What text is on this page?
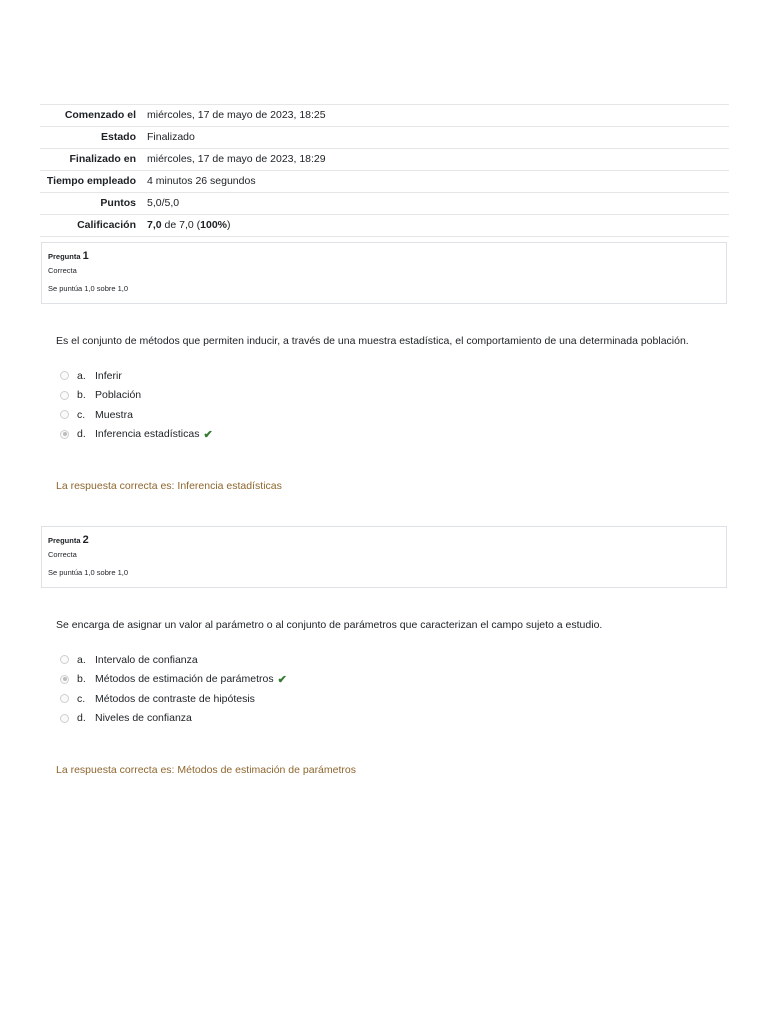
Comenzado el	miércoles, 17 de mayo de 2023, 18:25
Estado	Finalizado
Finalizado en	miércoles, 17 de mayo de 2023, 18:29
Tiempo empleado	4 minutos 26 segundos
Puntos	5,0/5,0
Calificación	7,0 de 7,0 (100%)
Pregunta 1
Correcta
Se puntúa 1,0 sobre 1,0
Es el conjunto de métodos que permiten inducir, a través de una muestra estadística, el comportamiento de una determinada población.
a. Inferir
b. Población
c. Muestra
d. Inferencia estadísticas ✔
La respuesta correcta es: Inferencia estadísticas
Pregunta 2
Correcta
Se puntúa 1,0 sobre 1,0
Se encarga de asignar un valor al parámetro o al conjunto de parámetros que caracterizan el campo sujeto a estudio.
a. Intervalo de confianza
b. Métodos de estimación de parámetros ✔
c. Métodos de contraste de hipótesis
d. Niveles de confianza
La respuesta correcta es: Métodos de estimación de parámetros
